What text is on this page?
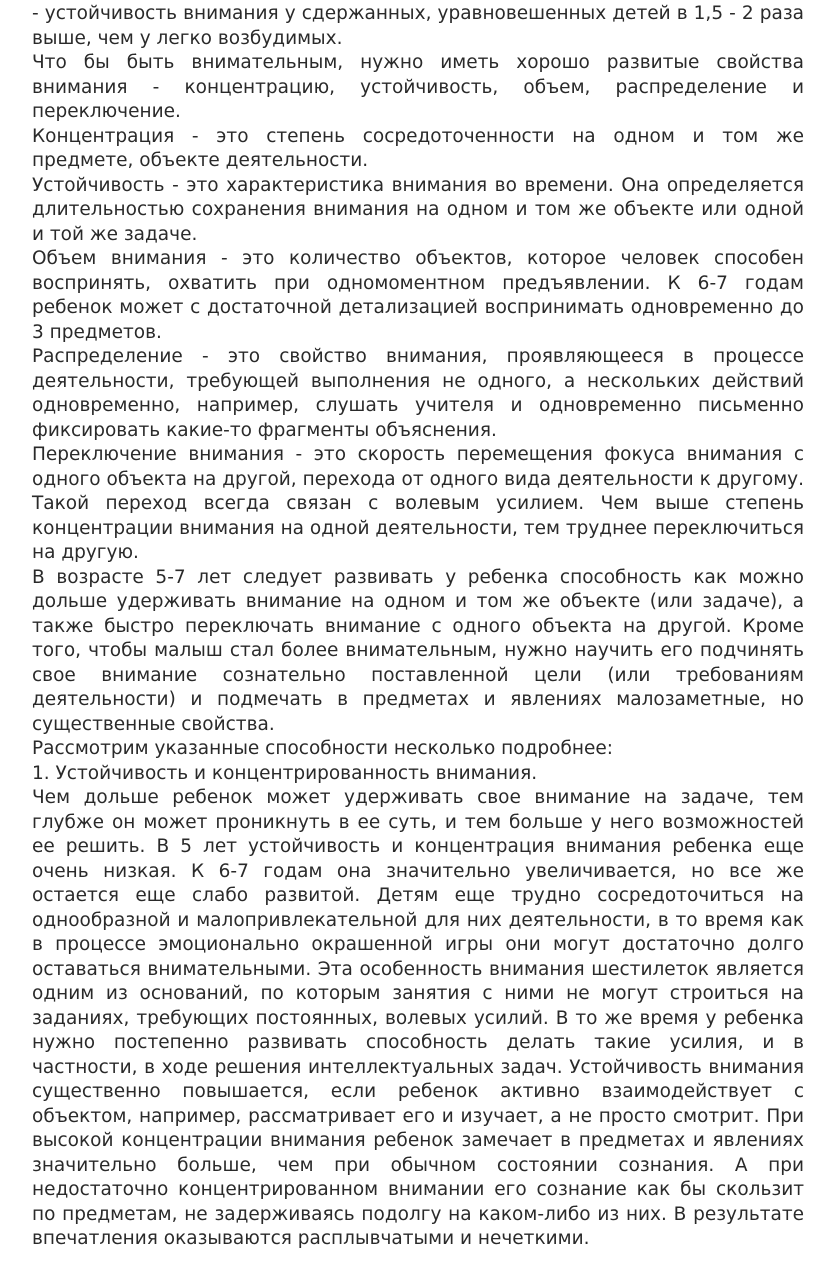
- устойчивость внимания у сдержанных, уравновешенных детей в 1,5 - 2 раза выше, чем у легко возбудимых.

Что бы быть внимательным, нужно иметь хорошо развитые свойства внимания - концентрацию, устойчивость, объем, распределение и переключение.

Концентрация - это степень сосредоточенности на одном и том же предмете, объекте деятельности.

Устойчивость - это характеристика внимания во времени. Она определяется длительностью сохранения внимания на одном и том же объекте или одной и той же задаче.

Объем внимания - это количество объектов, которое человек способен воспринять, охватить при одномоментном предъявлении. К 6-7 годам ребенок может с достаточной детализацией воспринимать одновременно до 3 предметов.

Распределение - это свойство внимания, проявляющееся в процессе деятельности, требующей выполнения не одного, а нескольких действий одновременно, например, слушать учителя и одновременно письменно фиксировать какие-то фрагменты объяснения.

Переключение внимания - это скорость перемещения фокуса внимания с одного объекта на другой, перехода от одного вида деятельности к другому. Такой переход всегда связан с волевым усилием. Чем выше степень концентрации внимания на одной деятельности, тем труднее переключиться на другую.

В возрасте 5-7 лет следует развивать у ребенка способность как можно дольше удерживать внимание на одном и том же объекте (или задаче), а также быстро переключать внимание с одного объекта на другой. Кроме того, чтобы малыш стал более внимательным, нужно научить его подчинять свое внимание сознательно поставленной цели (или требованиям деятельности) и подмечать в предметах и явлениях малозаметные, но существенные свойства.

Рассмотрим указанные способности несколько подробнее:

1. Устойчивость и концентрированность внимания.

Чем дольше ребенок может удерживать свое внимание на задаче, тем глубже он может проникнуть в ее суть, и тем больше у него возможностей ее решить. В 5 лет устойчивость и концентрация внимания ребенка еще очень низкая. К 6-7 годам она значительно увеличивается, но все же остается еще слабо развитой. Детям еще трудно сосредоточиться на однообразной и малопривлекательной для них деятельности, в то время как в процессе эмоционально окрашенной игры они могут достаточно долго оставаться внимательными. Эта особенность внимания шестилеток является одним из оснований, по которым занятия с ними не могут строиться на заданиях, требующих постоянных, волевых усилий. В то же время у ребенка нужно постепенно развивать способность делать такие усилия, и в частности, в ходе решения интеллектуальных задач. Устойчивость внимания существенно повышается, если ребенок активно взаимодействует с объектом, например, рассматривает его и изучает, а не просто смотрит. При высокой концентрации внимания ребенок замечает в предметах и явлениях значительно больше, чем при обычном состоянии сознания. А при недостаточно концентрированном внимании его сознание как бы скользит по предметам, не задерживаясь подолгу на каком-либо из них. В результате впечатления оказываются расплывчатыми и нечеткими.
